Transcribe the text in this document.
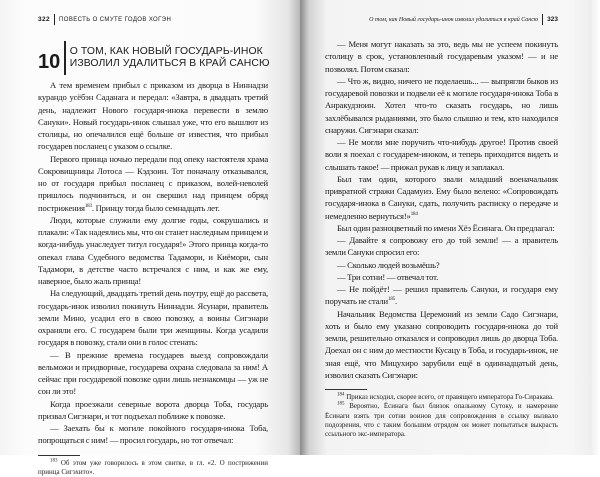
322 ПОВЕСТЬ О СМУТЕ ГОДОВ ХОГЭН
10 О ТОМ, КАК НОВЫЙ ГОСУДАРЬ-ИНОК
ИЗВОЛИЛ УДАЛИТЬСЯ В КРАЙ САНСЮ

А тем временем прибыл с приказом из дворца в Ниннадзи курандо усёбэн Саданага и передал: «Завтра, в двадцать третий день, надлежит Нового государя-инока перевести в землю Сануки». Новый государь-инок слышал уже, что его вышлют из столицы, но опечалился ещё больше от известия, что прибыл государев посланец с указом о ссылке.

Первого принца ночью передали под опеку настоятеля храма Сокровищницы Лотоса — Кэдзоин. Тот поначалу отказывался, но от государя прибыл посланец с приказом, волей-неволей пришлось подчиниться, и он свершил над принцем обряд пострижения$^{183}$. Принцу тогда было семнадцать лет.

Люди, которые служили ему долгие годы, сокрушались и плакали: «Так надеялись мы, что он станет наследным принцем и когда-нибудь унаследует титул государя!» Этого принца когда-то опекал глава Судебного ведомства Тадамори, и Киёмори, сын Тадамори, в детстве часто встречался с ним, и как же ему, наверное, было жаль принца!

На следующий, двадцать третий день поутру, ещё до рассвета, государь-инок изволил покинуть Ниннадзи. Ясунари, правитель земли Мино, усадил его в свою повозку, а воины Сигэнари охраняли его. С государем были три женщины. Когда усадили государя в повозку, стали они в голос стенать:

— В прежние времена государев выезд сопровождали вельможи и придворные, государева охрана следовала за ним! А сейчас при государевой повозке одни лишь незнакомцы — уж не сон ли это!

Когда проезжали северные ворота дворца Тоба, государь призвал Сигэнари, и тот подъехал поближе к повозке.

— Заехать бы к могиле покойного государя-инока Тоба, попрощаться с ним! — просил государь, но тот отвечал:

$^{183}$ Об этом уже говорилось в этом свитке, в гл. «2. О пострижении принца Сигэхито».

О том, как Новый государь-инок изволил удалиться в край Сансю 323

— Меня могут наказать за это, ведь мы не успеем покинуть столицу в срок, установленный государевым указом! — и не позволял. Потом сказал:

— Что ж, видно, ничего не поделаешь... — выпрягли быков из государевой повозки и подвели её к могиле государя-инока Тоба в Анракудзюин. Хотел что-то сказать государь, но лишь захлёбывался рыданиями, это было слышно и тем, кто находился снаружи. Сигэнари сказал:

— Не могли мне поручить что-нибудь другое! Против своей воли я поехал с государем-иноком, и теперь приходится видеть и слышать такое! — прижал рукав к лицу и заплакал.

Был там один, которого звали младший военачальник привратной стражи Садамуиэ. Ему было велено: «Сопровождать государя-инока в Сануки, сдать, получить расписку о передаче и немедленно вернуться!»$^{184}$

Был один разноцветный по имени Хёэ Ёсинага. Он предлагал:

— Давайте я сопровожу его до той земли! — а правитель земли Сануки спросил его:

— Сколько людей возьмёшь?

— Три сотни! — отвечал тот.

— Не пойдёт! — решил правитель Сануки, и государя ему поручать не стали$^{185}$.

Начальник Ведомства Церемоний из земли Садо Сигэнари, хоть и было ему указано сопроводить государя-инока до той земли, решительно отказался и сопроводил лишь до дворца Тоба. Доехал он с ним до местности Кусацу в Тоба, и государь-инок, не зная ещё, что Мицухиро зарубили ещё в одиннадцатый день, изволил сказать Сигэнари:

$^{184}$ Приказ исходил, скорее всего, от правящего императора Го-Сиракава.

$^{185}$ Вероятно, Ёсинага был близок опальному Сутоку, и намерение Ёсинаги взять три сотни воинов для сопровождения в ссылку вызвало подозрения, что с таким большим отрядом он может попытаться выкрасть ссыльного экс-императора.
